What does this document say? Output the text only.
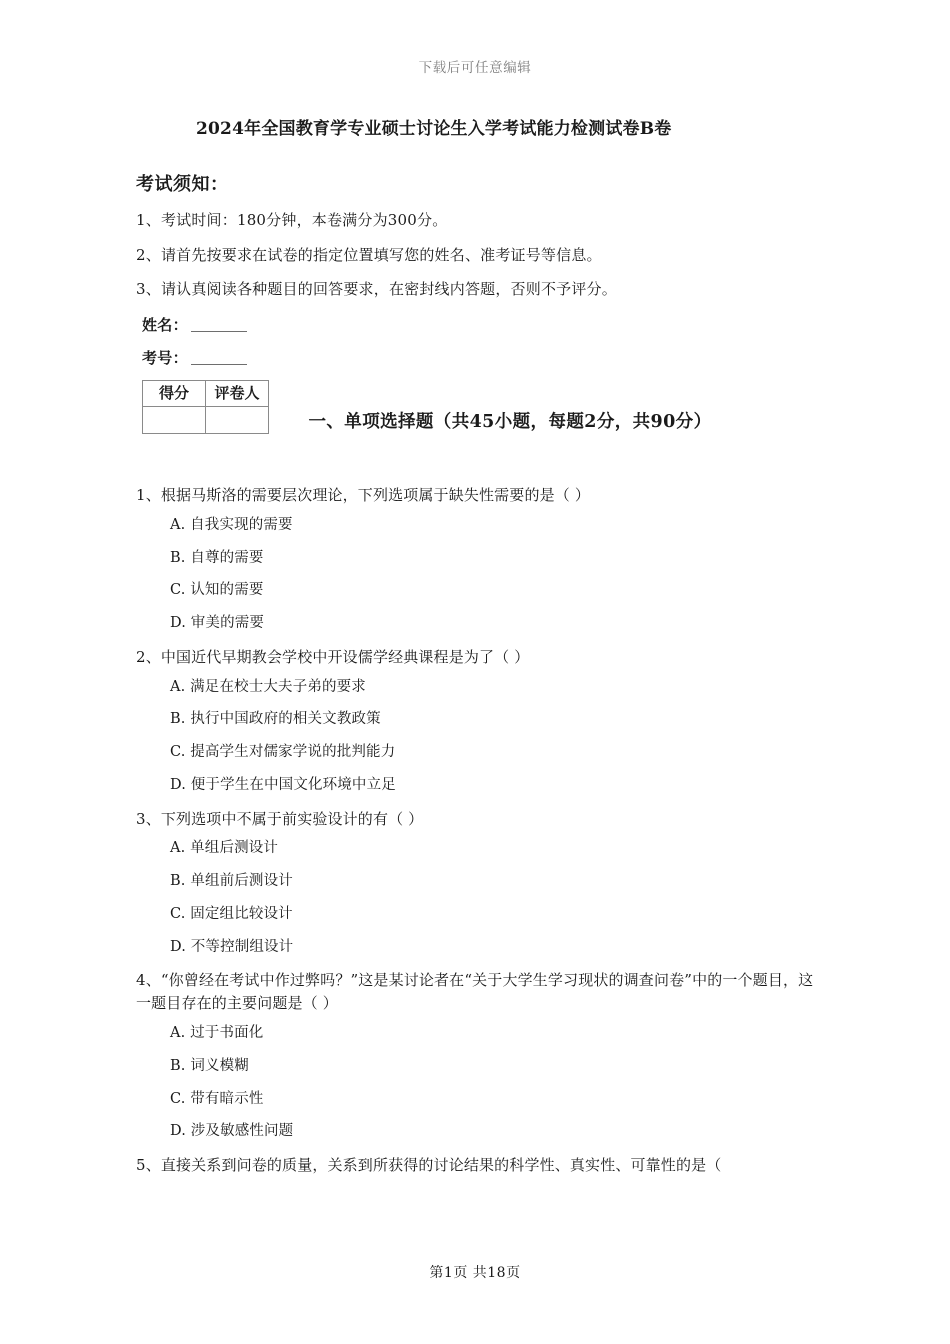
下载后可任意编辑
2024年全国教育学专业硕士讨论生入学考试能力检测试卷B卷
考试须知：

1、考试时间：180分钟，本卷满分为300分。

2、请首先按要求在试卷的指定位置填写您的姓名、准考证号等信息。

3、请认真阅读各种题目的回答要求，在密封线内答题，否则不予评分。

姓名：
考号：
得分	评卷人

一、单项选择题（共45小题，每题2分，共90分）

1、根据马斯洛的需要层次理论，下列选项属于缺失性需要的是（ ）

A. 自我实现的需要

B. 自尊的需要

C. 认知的需要

D. 审美的需要

2、中国近代早期教会学校中开设儒学经典课程是为了（ ）

A. 满足在校士大夫子弟的要求

B. 执行中国政府的相关文教政策

C. 提高学生对儒家学说的批判能力

D. 便于学生在中国文化环境中立足

3、下列选项中不属于前实验设计的有（ ）

A. 单组后测设计

B. 单组前后测设计

C. 固定组比较设计

D. 不等控制组设计

4、“你曾经在考试中作过弊吗？”这是某讨论者在“关于大学生学习现状的调查问卷”中的一个题目，这一题目存在的主要问题是（ ）

A. 过于书面化

B. 词义模糊

C. 带有暗示性

D. 涉及敏感性问题

5、直接关系到问卷的质量，关系到所获得的讨论结果的科学性、真实性、可靠性的是（

第1页 共18页
